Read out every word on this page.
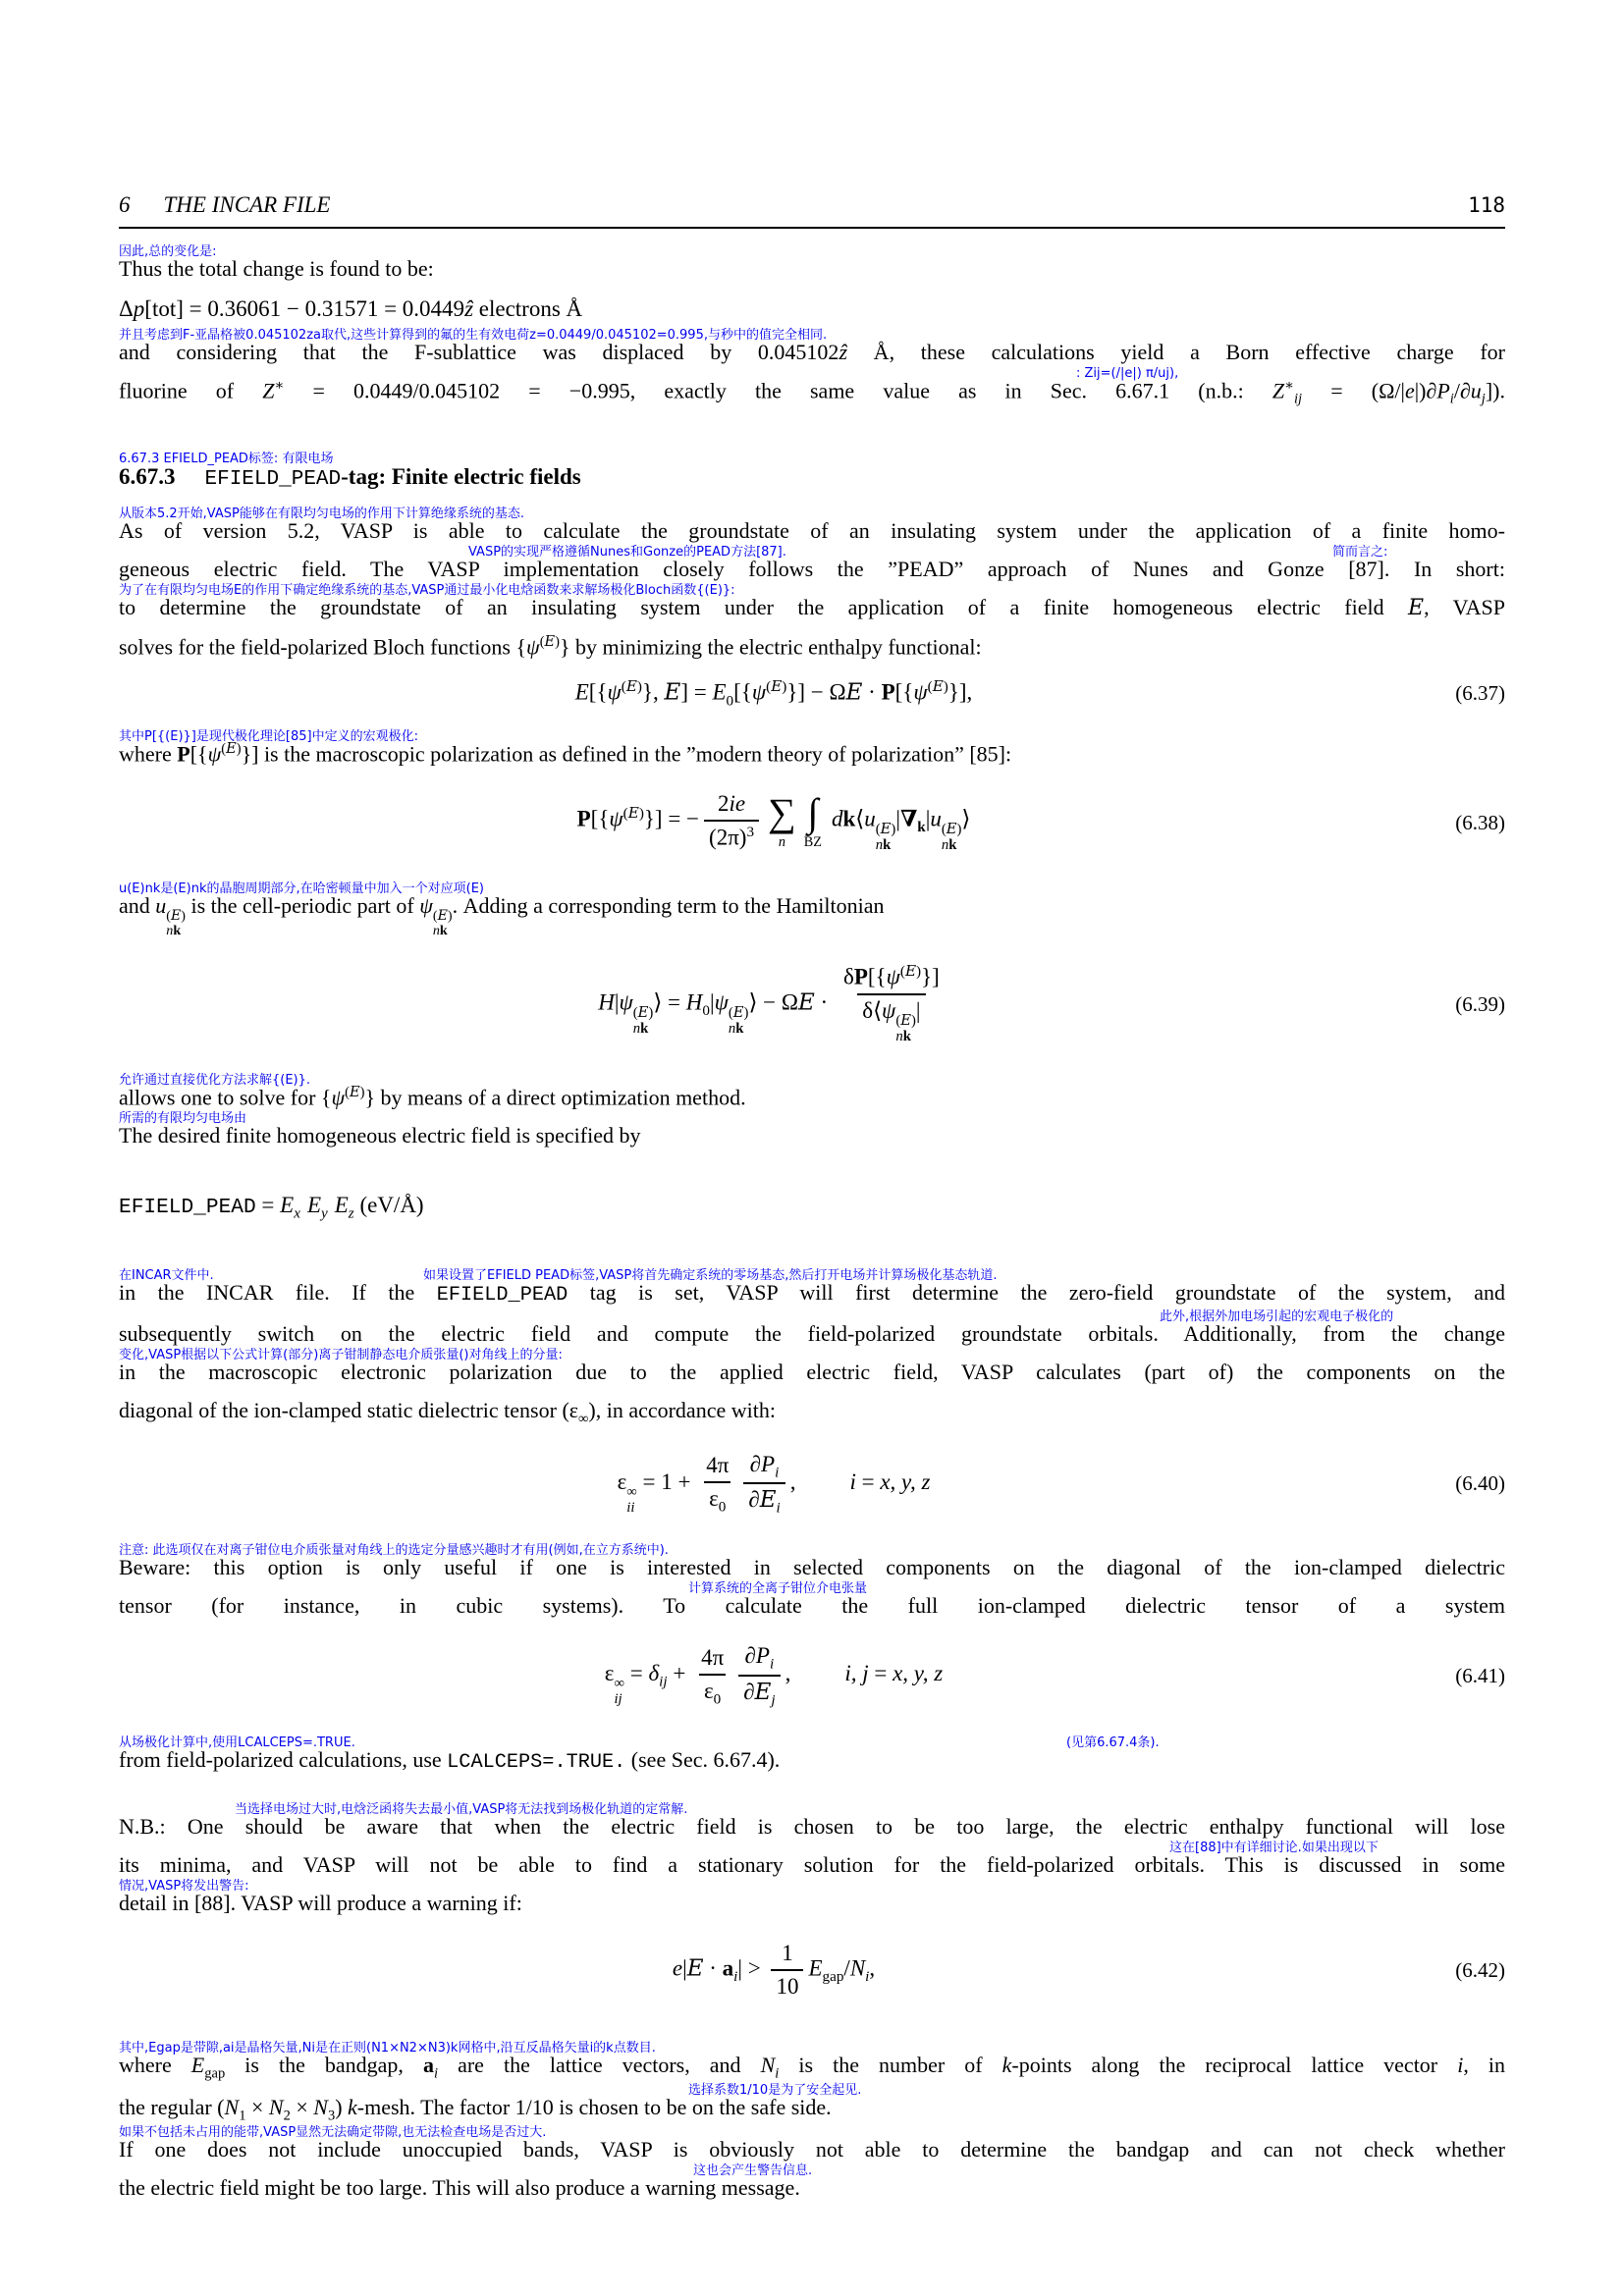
6 THE INCAR FILE	118
因此,总的变化是:
Thus the total change is found to be:
Δp[tot] = 0.36061 − 0.31571 = 0.0449ẑ electrons Å
并且考虑到F-亚晶格被0.045102za取代,这些计算得到的氟的生有效电荷z=0.0449/0.045102=0.995,与秒中的值完全相同.
and considering that the F-sublattice was displaced by 0.045102ẑ Å, these calculations yield a Born effective charge for
: Zij=(/|e|) π/uj),
fluorine of Z∗ = 0.0449/0.045102 = −0.995, exactly the same value as in Sec. 6.67.1 (n.b.: $Z^∗_{ij} = (\Omega/|e|)\partial P_i/\partial u_j$]).
6.67.3 EFIELD_PEAD标签: 有限电场
6.67.3 EFIELD_PEAD-tag: Finite electric fields
从版本5.2开始,VASP能够在有限均匀电场的作用下计算绝缘系统的基态.
As of version 5.2, VASP is able to calculate the groundstate of an insulating system under the application of a finite homo-
VASP的实现严格遵循Nunes和Gonze的PEAD方法[87].	简而言之:
geneous electric field. The VASP implementation closely follows the ”PEAD” approach of Nunes and Gonze [87]. In short:
为了在有限均匀电场E的作用下确定绝缘系统的基态,VASP通过最小化电焓函数来求解场极化Bloch函数{(E)}:
to determine the groundstate of an insulating system under the application of a finite homogeneous electric field E, VASP
solves for the field-polarized Bloch functions $\{\psi^{(E)}\}$ by minimizing the electric enthalpy functional:
$E[\{\psi^{(E)}\}$, $E] = E_0[\{\psi^{(E)}\}] - \Omega E \cdot P[\{\psi^{(E)}\}]$,	(6.37)
其中P[{(E)}]是现代极化理论[85]中定义的宏观极化:
where $P[\{\psi^{(E)}\}]$ is the macroscopic polarization as defined in the ”modern theory of polarization” [85]:
$P[\{\psi^{(E)}\}]$ = − $\frac{2ie}{(2\pi)^3}$ ∑
n
∫
BZ
dk⟨u (E)
nk
$|\nabla_k|u$ (E)
nk
⟩	(6.38)
u(E)nk是(E)nk的晶胞周期部分,在哈密顿量中加入一个对应项(E)
and u (E)
nk
is the cell-periodic part of ψ (E)
nk
. Adding a corresponding term to the Hamiltonian
H|ψ (E)
nk
⟩ = $H_0|\psi$ (E)
nk
⟩ − $\Omega E \cdot \delta P[\{\psi^{(E)}\}]$
δ⟨ψ (E)
nk
|	(6.39)
允许通过直接优化方法求解{(E)}.
allows one to solve for $\{\psi^{(E)}\}$ by means of a direct optimization method.
所需的有限均匀电场由
The desired finite homogeneous electric field is specified by
EFIELD_PEAD = $E_x$ $E_y$ $E_z$ (eV/Å)
在INCAR文件中.	如果设置了EFIELD PEAD标签,VASP将首先确定系统的零场基态,然后打开电场并计算场极化基态轨道.
in the INCAR file. If the EFIELD_PEAD tag is set, VASP will first determine the zero-field groundstate of the system, and
此外,根据外加电场引起的宏观电子极化的
subsequently switch on the electric field and compute the field-polarized groundstate orbitals. Additionally, from the change
变化,VASP根据以下公式计算(部分)离子钳制静态电介质张量()对角线上的分量:
in the macroscopic electronic polarization due to the applied electric field, VASP calculates (part of) the components on the
diagonal of the ion-clamped static dielectric tensor $(\varepsilon_\infty)$, in accordance with:
ε ∞
ii
= $1 + \frac{4\pi}{\varepsilon_0} \frac{\partial P_i}{\partial E_i}$ , i = x, y, z	(6.40)
注意: 此选项仅在对离子钳位电介质张量对角线上的选定分量感兴趣时才有用(例如,在立方系统中).
Beware: this option is only useful if one is interested in selected components on the diagonal of the ion-clamped dielectric
计算系统的全离子钳位介电张量
tensor (for instance, in cubic systems). To calculate the full ion-clamped dielectric tensor of a system
ε ∞
ij
= $\delta_{ij} + \frac{4\pi}{\varepsilon_0} \frac{\partial P_i}{\partial E_j}$ , i, j = x, y, z	(6.41)
从场极化计算中,使用LCALCEPS=.TRUE.	(见第6.67.4条).
from field-polarized calculations, use LCALCEPS=.TRUE. (see Sec. 6.67.4).
当选择电场过大时,电焓泛函将失去最小值,VASP将无法找到场极化轨道的定常解.
N.B.: One should be aware that when the electric field is chosen to be too large, the electric enthalpy functional will lose
这在[88]中有详细讨论.如果出现以下
its minima, and VASP will not be able to find a stationary solution for the field-polarized orbitals. This is discussed in some
情况,VASP将发出警告:
detail in [88]. VASP will produce a warning if:
$e|E \cdot a_i| > \frac{1}{10} E_{gap}/N_i$,	(6.42)
其中,Egap是带隙,ai是晶格矢量,Ni是在正则(N1×N2×N3)k网格中,沿互反晶格矢量i的k点数目.
where $E_{gap}$ is the bandgap, $a_i$ are the lattice vectors, and $N_i$ is the number of k-points along the reciprocal lattice vector i, in
选择系数1/10是为了安全起见.
the regular $(N_1 \times N_2 \times N_3)$ k-mesh. The factor 1/10 is chosen to be on the safe side.
如果不包括未占用的能带,VASP显然无法确定带隙,也无法检查电场是否过大.
If one does not include unoccupied bands, VASP is obviously not able to determine the bandgap and can not check whether
这也会产生警告信息.
the electric field might be too large. This will also produce a warning message.
